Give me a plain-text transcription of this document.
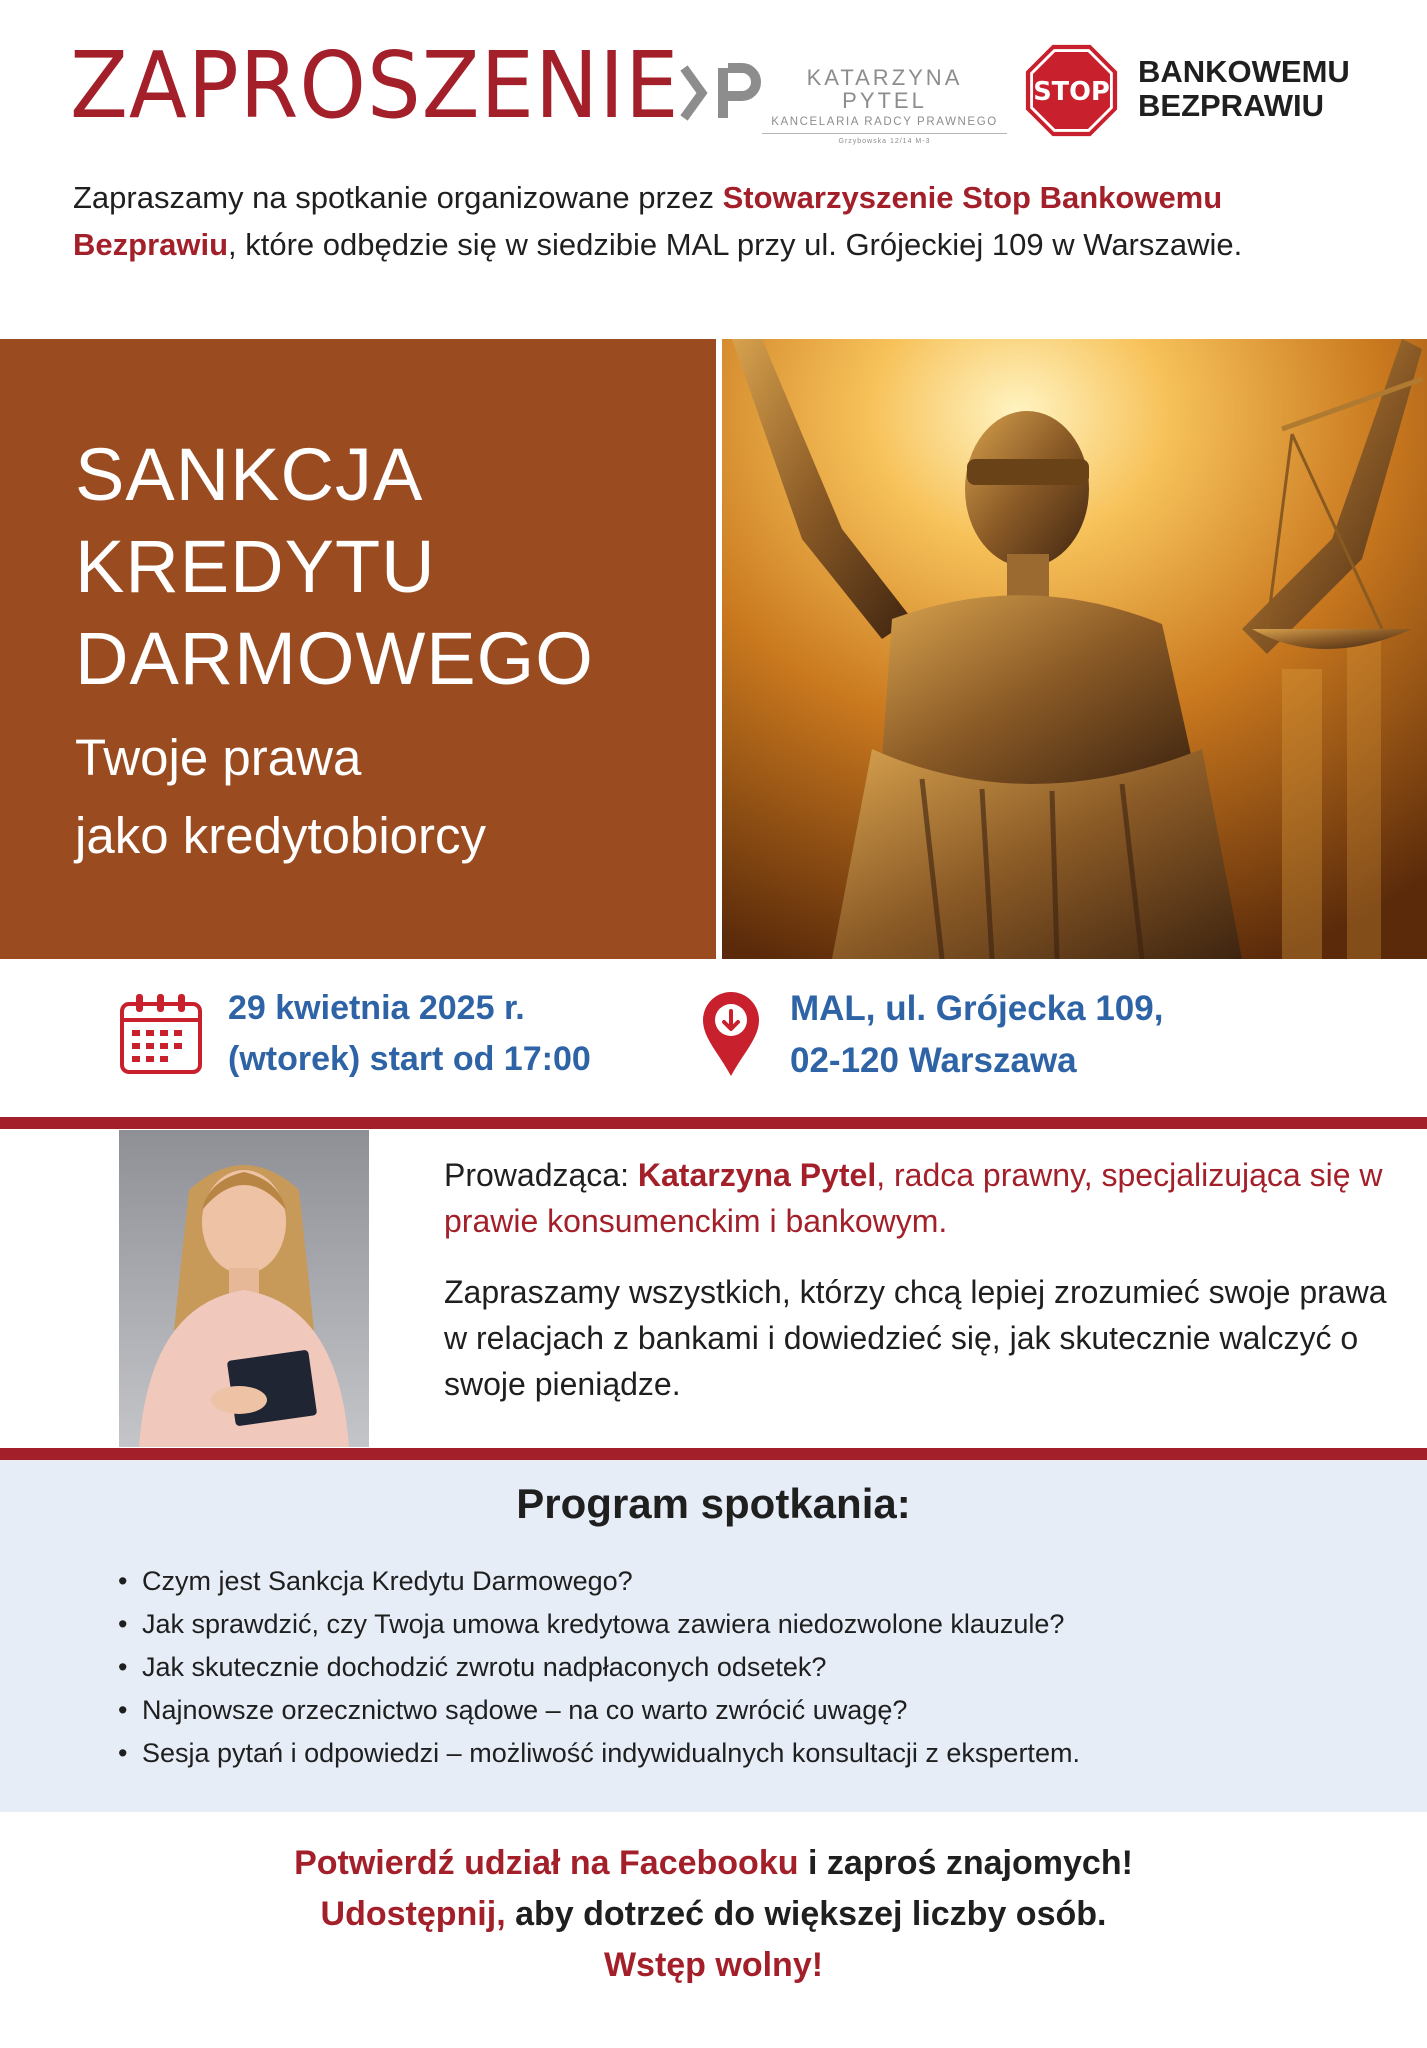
ZAPROSZENIE	KATARZYNA PYTEL
KANCELARIA RADCY PRAWNEGO
Grzybowska 12/14 M-3
STOP
BANKOWEMU
BEZPRAWIU

Zapraszamy na spotkanie organizowane przez Stowarzyszenie Stop Bankowemu Bezprawiu, które odbędzie się w siedzibie MAL przy ul. Grójeckiej 109 w Warszawie.

SANKCJA
KREDYTU
DARMOWEGO
Twoje prawa
jako kredytobiorcy
29 kwietnia 2025 r.
(wtorek) start od 17:00
MAL, ul. Grójecka 109,
02-120 Warszawa

Prowadząca: Katarzyna Pytel, radca prawny, specjalizująca się w prawie konsumenckim i bankowym.

Zapraszamy wszystkich, którzy chcą lepiej zrozumieć swoje prawa w relacjach z bankami i dowiedzieć się, jak skutecznie walczyć o swoje pieniądze.

Program spotkania:
• Czym jest Sankcja Kredytu Darmowego?
• Jak sprawdzić, czy Twoja umowa kredytowa zawiera niedozwolone klauzule?
• Jak skutecznie dochodzić zwrotu nadpłaconych odsetek?
• Najnowsze orzecznictwo sądowe – na co warto zwrócić uwagę?
• Sesja pytań i odpowiedzi – możliwość indywidualnych konsultacji z ekspertem.
Potwierdź udział na Facebooku i zaproś znajomych!
Udostępnij, aby dotrzeć do większej liczby osób.
Wstęp wolny!
